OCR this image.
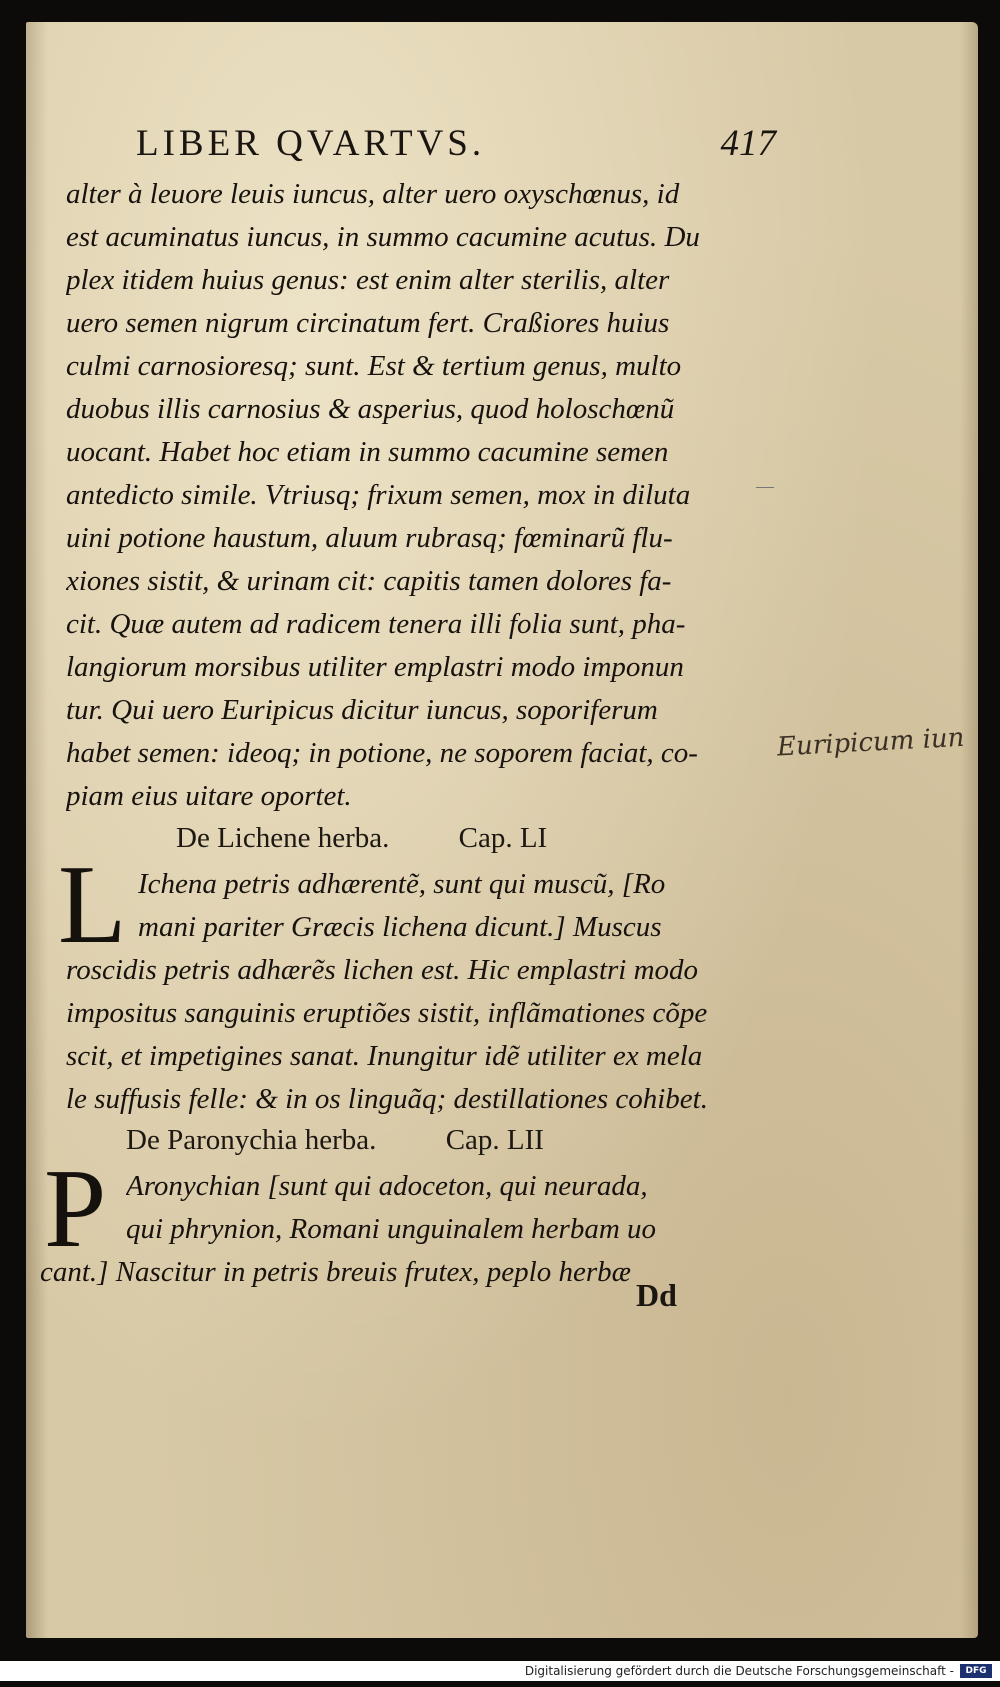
LIBER QVARTVS.	417
alter à leuore leuis iuncus, alter uero oxyschœnus, id
est acuminatus iuncus, in summo cacumine acutus. Du
plex itidem huius genus: est enim alter sterilis, alter
uero semen nigrum circinatum fert. Craßiores huius
culmi carnosioresq; sunt. Est & tertium genus, multo
duobus illis carnosius & asperius, quod holoschœnũ
uocant. Habet hoc etiam in summo cacumine semen
antedicto simile. Vtriusq; frixum semen, mox in diluta
uini potione haustum, aluum rubrasq; fœminarũ flu-
xiones sistit, & urinam cit: capitis tamen dolores fa-
cit. Quæ autem ad radicem tenera illi folia sunt, pha-
langiorum morsibus utiliter emplastri modo imponun
tur. Qui uero Euripicus dicitur iuncus, soporiferum
habet semen: ideoq; in potione, ne soporem faciat, co-
piam eius uitare oportet.
De Lichene herba. Cap. LI
L Ichena petris adhærentẽ, sunt qui muscũ, [Ro
mani pariter Græcis lichena dicunt.] Muscus
roscidis petris adhærẽs lichen est. Hic emplastri modo
impositus sanguinis eruptiões sistit, inflãmationes cõpe
scit, et impetigines sanat. Inungitur idẽ utiliter ex mela
le suffusis felle: & in os linguãq; destillationes cohibet.
De Paronychia herba. Cap. LII
P Aronychian [sunt qui adoceton, qui neurada,
qui phrynion, Romani unguinalem herbam uo
cant.] Nascitur in petris breuis frutex, peplo herbæ
Dd
Euripicum iun
Digitalisierung gefördert durch die Deutsche Forschungsgemeinschaft -	DFG
